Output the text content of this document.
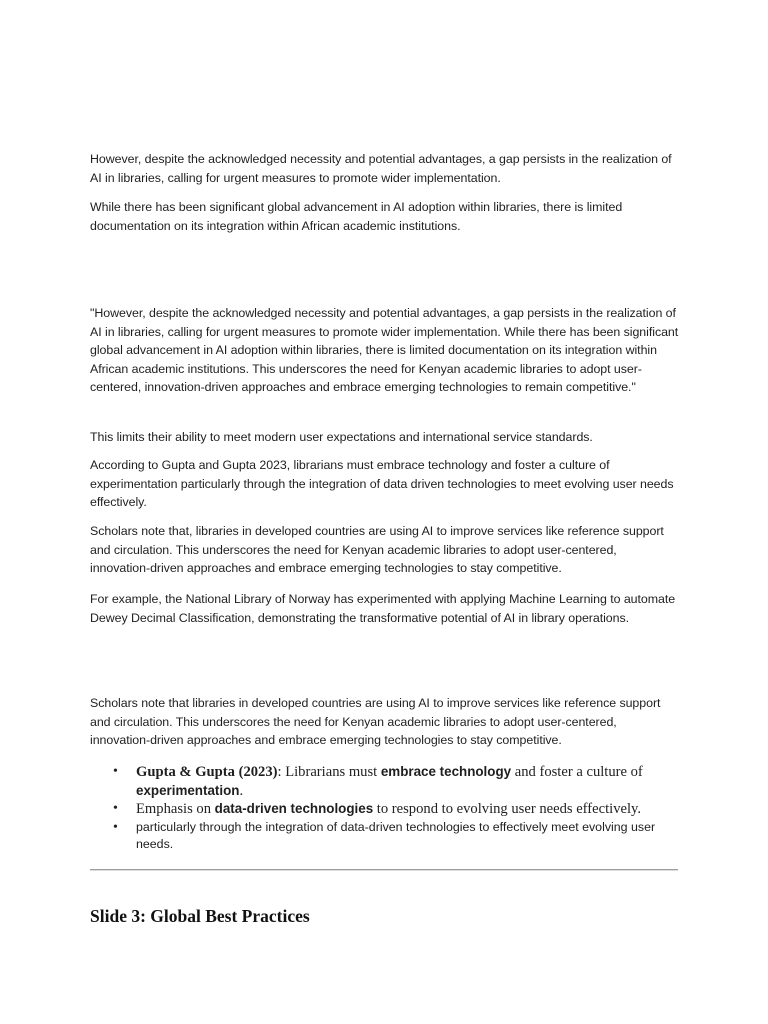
However, despite the acknowledged necessity and potential advantages, a gap persists in the realization of AI in libraries, calling for urgent measures to promote wider implementation.

While there has been significant global advancement in AI adoption within libraries, there is limited documentation on its integration within African academic institutions.

"However, despite the acknowledged necessity and potential advantages, a gap persists in the realization of AI in libraries, calling for urgent measures to promote wider implementation. While there has been significant global advancement in AI adoption within libraries, there is limited documentation on its integration within African academic institutions. This underscores the need for Kenyan academic libraries to adopt user-centered, innovation-driven approaches and embrace emerging technologies to remain competitive."

This limits their ability to meet modern user expectations and international service standards.

According to Gupta and Gupta 2023, librarians must embrace technology and foster a culture of experimentation particularly through the integration of data driven technologies to meet evolving user needs effectively.

Scholars note that, libraries in developed countries are using AI to improve services like reference support and circulation. This underscores the need for Kenyan academic libraries to adopt user-centered, innovation-driven approaches and embrace emerging technologies to stay competitive.

For example, the National Library of Norway has experimented with applying Machine Learning to automate Dewey Decimal Classification, demonstrating the transformative potential of AI in library operations.

Scholars note that libraries in developed countries are using AI to improve services like reference support and circulation. This underscores the need for Kenyan academic libraries to adopt user-centered, innovation-driven approaches and embrace emerging technologies to stay competitive.

• Gupta & Gupta (2023): Librarians must embrace technology and foster a culture of experimentation.
• Emphasis on data-driven technologies to respond to evolving user needs effectively.
• particularly through the integration of data-driven technologies to effectively meet evolving user needs.
Slide 3: Global Best Practices
